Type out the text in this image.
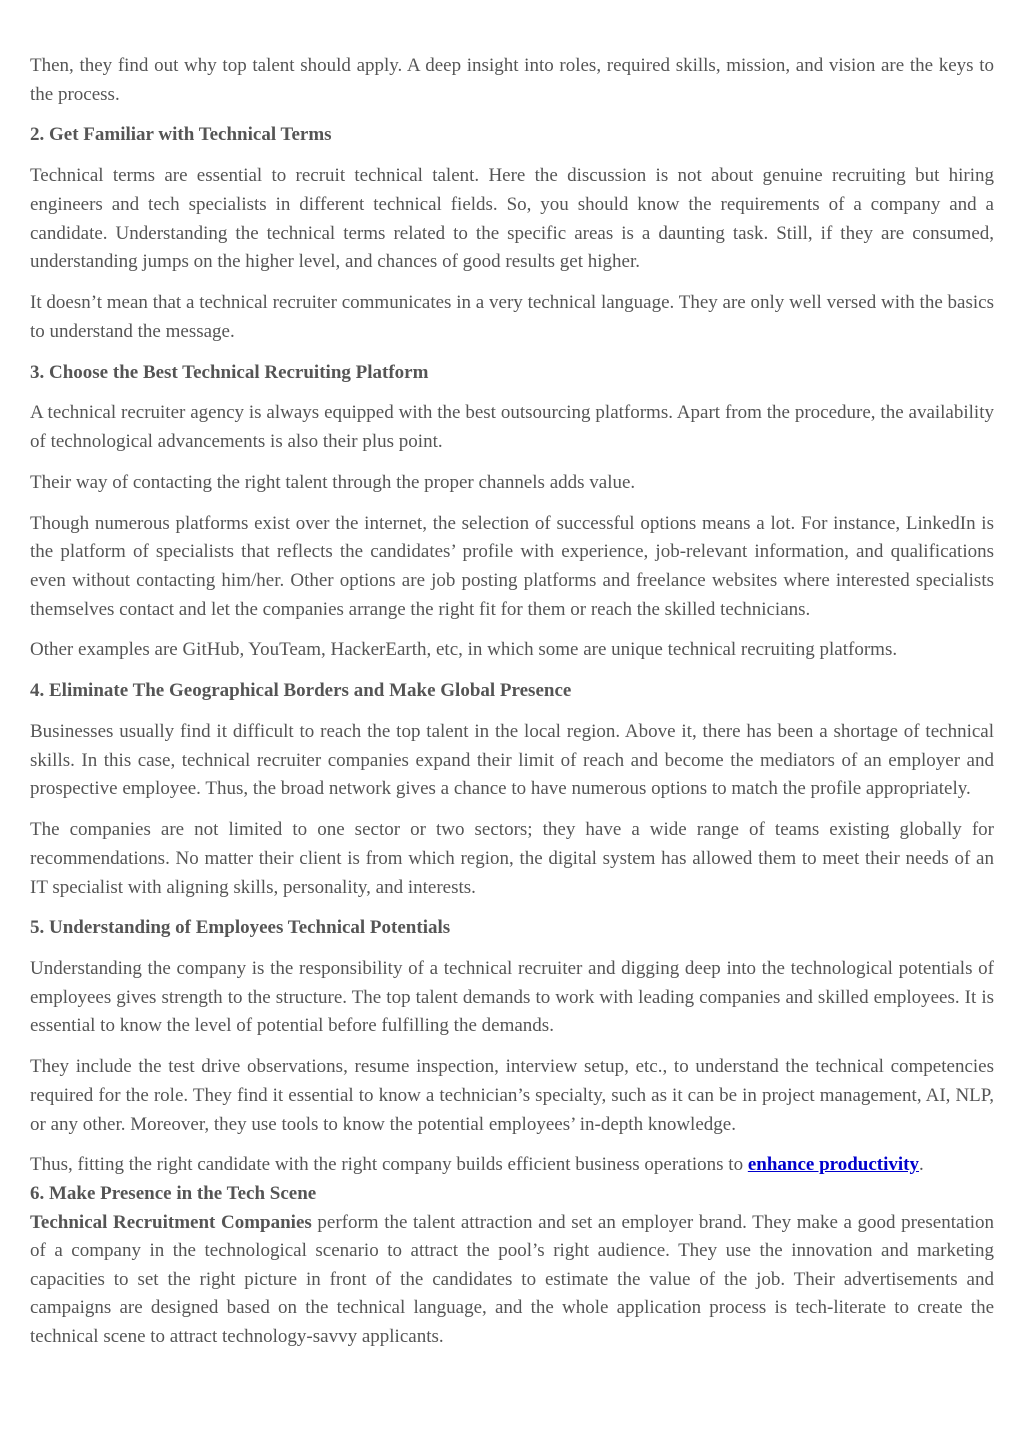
Then, they find out why top talent should apply. A deep insight into roles, required skills, mission, and vision are the keys to the process.

2. Get Familiar with Technical Terms

Technical terms are essential to recruit technical talent. Here the discussion is not about genuine recruiting but hiring engineers and tech specialists in different technical fields. So, you should know the requirements of a company and a candidate. Understanding the technical terms related to the specific areas is a daunting task. Still, if they are consumed, understanding jumps on the higher level, and chances of good results get higher.

It doesn’t mean that a technical recruiter communicates in a very technical language. They are only well versed with the basics to understand the message.

3. Choose the Best Technical Recruiting Platform

A technical recruiter agency is always equipped with the best outsourcing platforms. Apart from the procedure, the availability of technological advancements is also their plus point.

Their way of contacting the right talent through the proper channels adds value.

Though numerous platforms exist over the internet, the selection of successful options means a lot. For instance, LinkedIn is the platform of specialists that reflects the candidates’ profile with experience, job-relevant information, and qualifications even without contacting him/her. Other options are job posting platforms and freelance websites where interested specialists themselves contact and let the companies arrange the right fit for them or reach the skilled technicians.

Other examples are GitHub, YouTeam, HackerEarth, etc, in which some are unique technical recruiting platforms.

4. Eliminate The Geographical Borders and Make Global Presence

Businesses usually find it difficult to reach the top talent in the local region. Above it, there has been a shortage of technical skills. In this case, technical recruiter companies expand their limit of reach and become the mediators of an employer and prospective employee. Thus, the broad network gives a chance to have numerous options to match the profile appropriately.

The companies are not limited to one sector or two sectors; they have a wide range of teams existing globally for recommendations. No matter their client is from which region, the digital system has allowed them to meet their needs of an IT specialist with aligning skills, personality, and interests.

5. Understanding of Employees Technical Potentials

Understanding the company is the responsibility of a technical recruiter and digging deep into the technological potentials of employees gives strength to the structure. The top talent demands to work with leading companies and skilled employees. It is essential to know the level of potential before fulfilling the demands.

They include the test drive observations, resume inspection, interview setup, etc., to understand the technical competencies required for the role. They find it essential to know a technician’s specialty, such as it can be in project management, AI, NLP, or any other. Moreover, they use tools to know the potential employees’ in-depth knowledge.

Thus, fitting the right candidate with the right company builds efficient business operations to enhance productivity.

6. Make Presence in the Tech Scene

Technical Recruitment Companies perform the talent attraction and set an employer brand. They make a good presentation of a company in the technological scenario to attract the pool’s right audience. They use the innovation and marketing capacities to set the right picture in front of the candidates to estimate the value of the job. Their advertisements and campaigns are designed based on the technical language, and the whole application process is tech-literate to create the technical scene to attract technology-savvy applicants.
